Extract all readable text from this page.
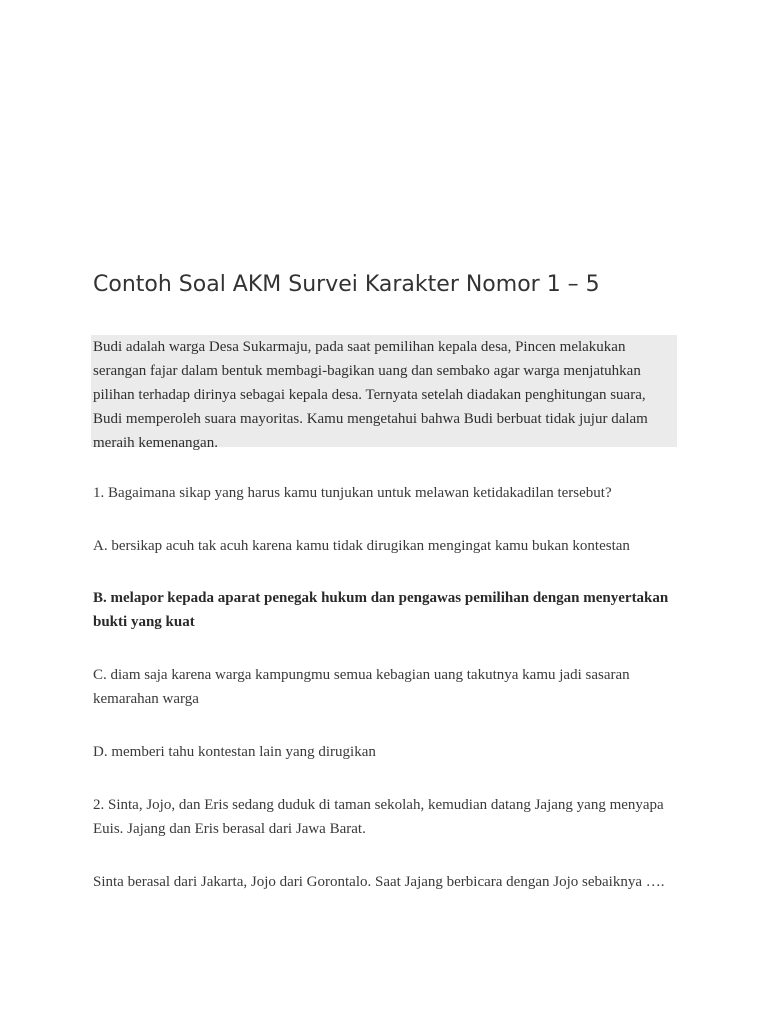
Contoh Soal AKM Survei Karakter Nomor 1 – 5

Budi adalah warga Desa Sukarmaju, pada saat pemilihan kepala desa, Pincen melakukan serangan fajar dalam bentuk membagi-bagikan uang dan sembako agar warga menjatuhkan pilihan terhadap dirinya sebagai kepala desa. Ternyata setelah diadakan penghitungan suara, Budi memperoleh suara mayoritas. Kamu mengetahui bahwa Budi berbuat tidak jujur dalam meraih kemenangan.

1. Bagaimana sikap yang harus kamu tunjukan untuk melawan ketidakadilan tersebut?

A. bersikap acuh tak acuh karena kamu tidak dirugikan mengingat kamu bukan kontestan

B. melapor kepada aparat penegak hukum dan pengawas pemilihan dengan menyertakan bukti yang kuat

C. diam saja karena warga kampungmu semua kebagian uang takutnya kamu jadi sasaran kemarahan warga

D. memberi tahu kontestan lain yang dirugikan

2. Sinta, Jojo, dan Eris sedang duduk di taman sekolah, kemudian datang Jajang yang menyapa Euis. Jajang dan Eris berasal dari Jawa Barat.

Sinta berasal dari Jakarta, Jojo dari Gorontalo. Saat Jajang berbicara dengan Jojo sebaiknya ….
